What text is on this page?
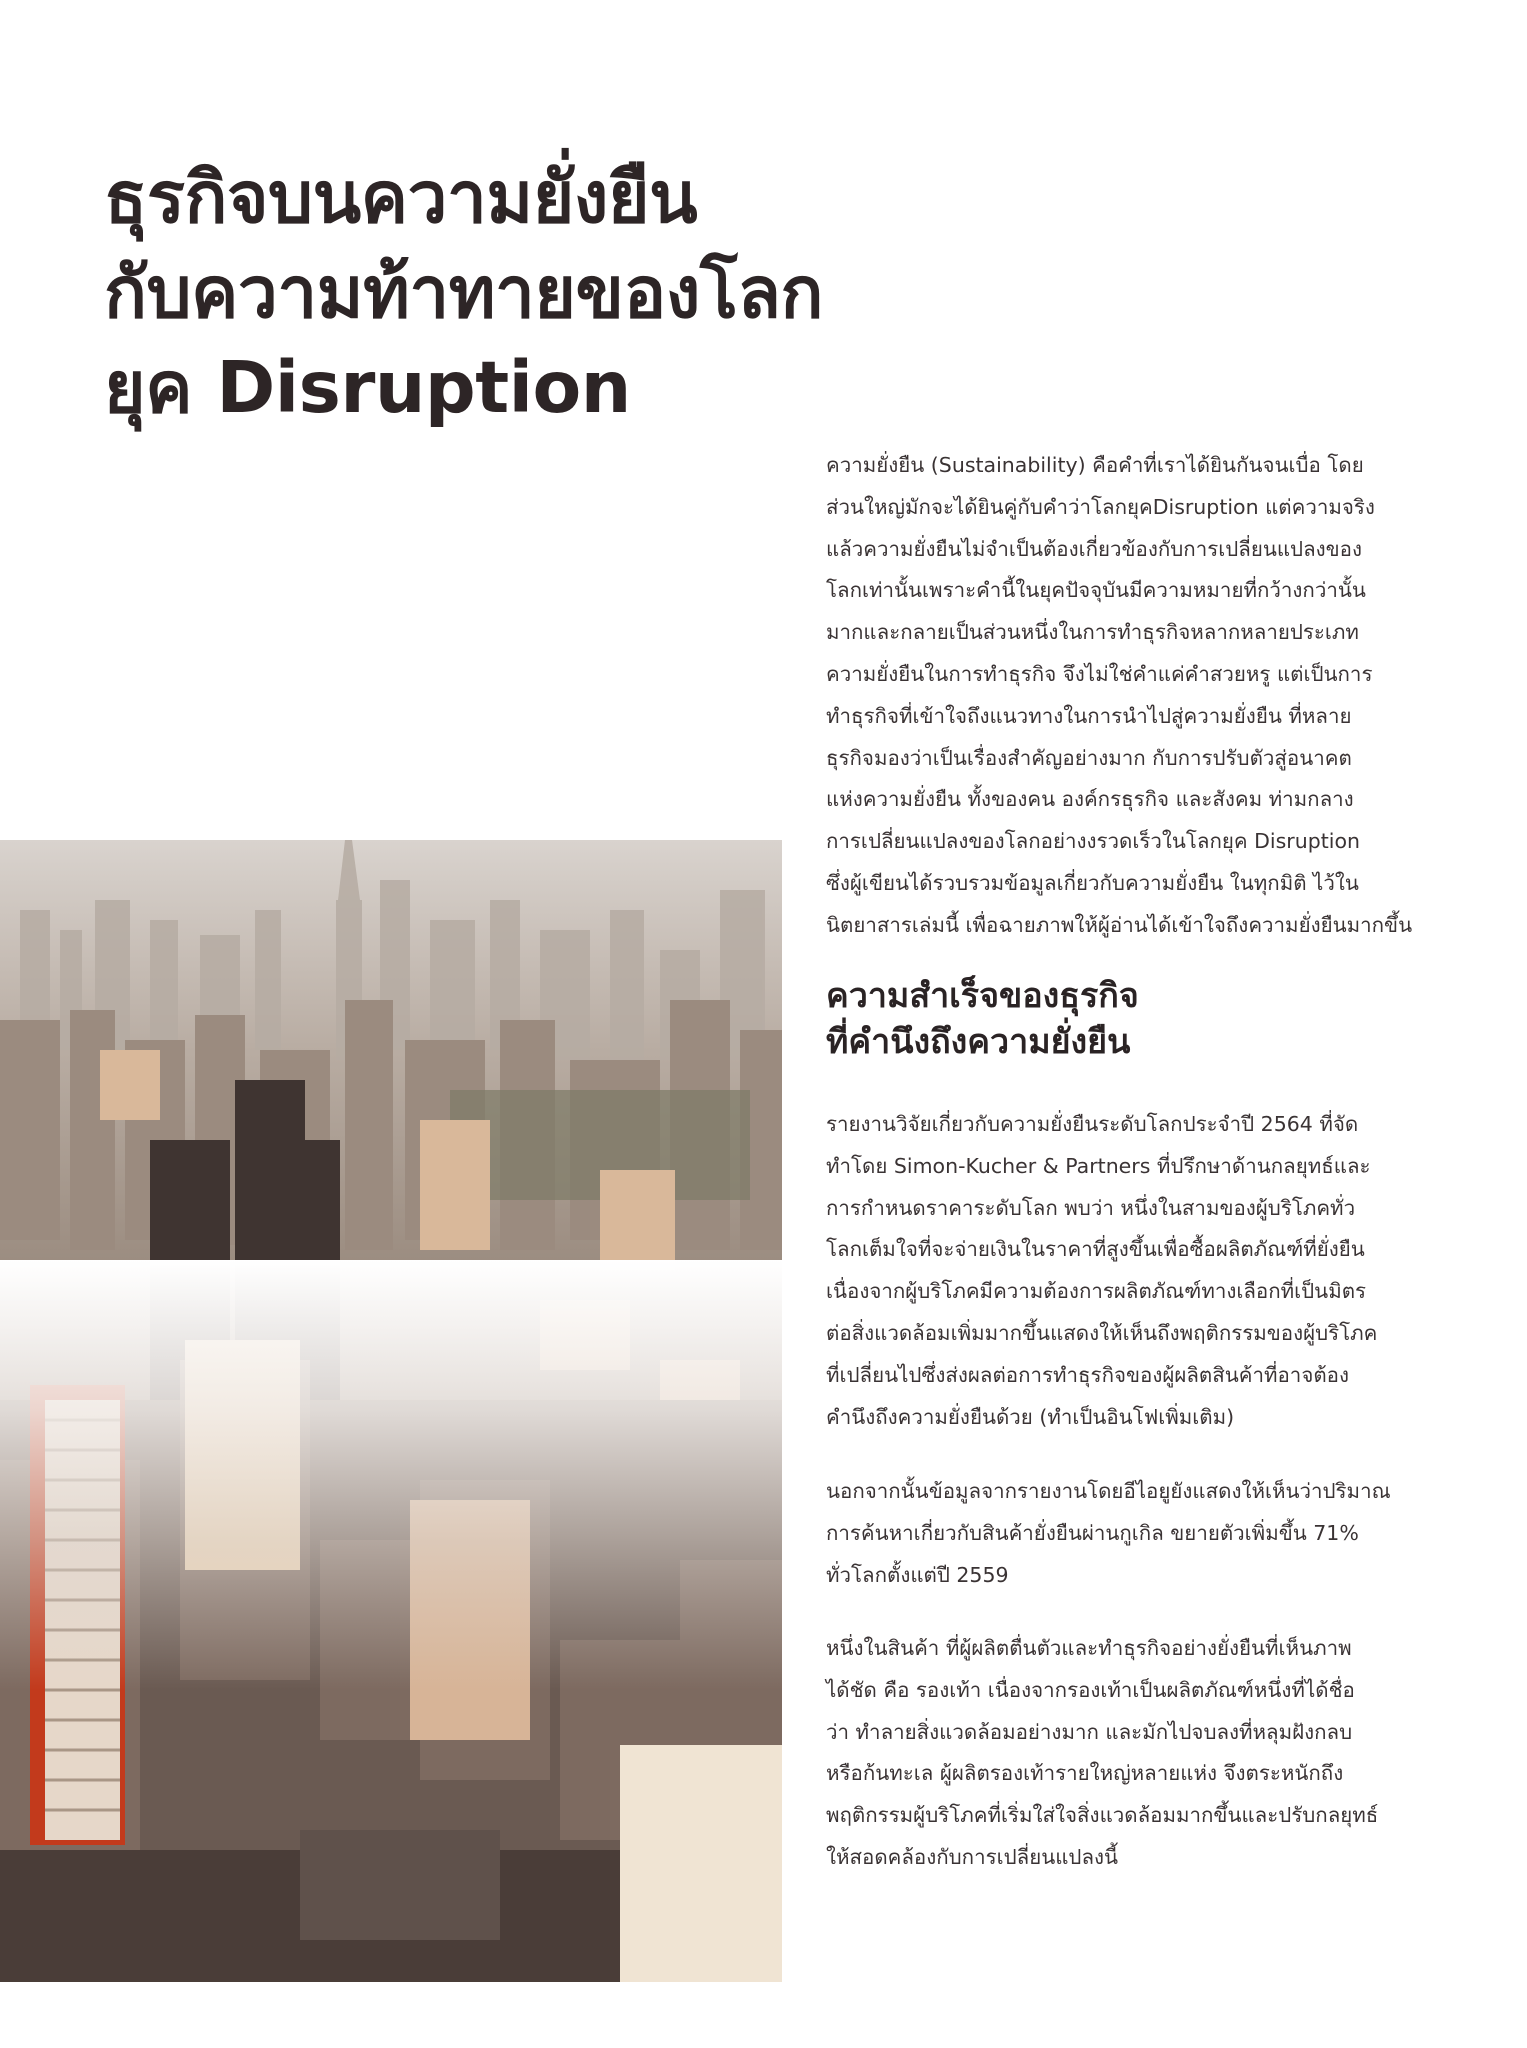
ธุรกิจบนความยั่งยืน
กับความท้าทายของโลก
ยุค Disruption

ความยั่งยืน (Sustainability) คือคำที่เราได้ยินกันจนเบื่อ โดย
ส่วนใหญ่มักจะได้ยินคู่กับคำว่าโลกยุคDisruption แต่ความจริง
แล้วความยั่งยืนไม่จำเป็นต้องเกี่ยวข้องกับการเปลี่ยนแปลงของ
โลกเท่านั้นเพราะคำนี้ในยุคปัจจุบันมีความหมายที่กว้างกว่านั้น
มากและกลายเป็นส่วนหนึ่งในการทำธุรกิจหลากหลายประเภท
ความยั่งยืนในการทำธุรกิจ จึงไม่ใช่คำแค่คำสวยหรู แต่เป็นการ
ทำธุรกิจที่เข้าใจถึงแนวทางในการนำไปสู่ความยั่งยืน ที่หลาย
ธุรกิจมองว่าเป็นเรื่องสำคัญอย่างมาก กับการปรับตัวสู่อนาคต
แห่งความยั่งยืน ทั้งของคน องค์กรธุรกิจ และสังคม ท่ามกลาง
การเปลี่ยนแปลงของโลกอย่างงรวดเร็วในโลกยุค Disruption
ซึ่งผู้เขียนได้รวบรวมข้อมูลเกี่ยวกับความยั่งยืน ในทุกมิติ ไว้ใน
นิตยาสารเล่มนี้ เพื่อฉายภาพให้ผู้อ่านได้เข้าใจถึงความยั่งยืนมากขึ้น

ความสำเร็จของธุรกิจ
ที่คำนึงถึงความยั่งยืน

รายงานวิจัยเกี่ยวกับความยั่งยืนระดับโลกประจำปี 2564 ที่จัด
ทำโดย Simon-Kucher & Partners ที่ปรึกษาด้านกลยุทธ์และ
การกำหนดราคาระดับโลก พบว่า หนึ่งในสามของผู้บริโภคทั่ว
โลกเต็มใจที่จะจ่ายเงินในราคาที่สูงขึ้นเพื่อซื้อผลิตภัณฑ์ที่ยั่งยืน
เนื่องจากผู้บริโภคมีความต้องการผลิตภัณฑ์ทางเลือกที่เป็นมิตร
ต่อสิ่งแวดล้อมเพิ่มมากขึ้นแสดงให้เห็นถึงพฤติกรรมของผู้บริโภค
ที่เปลี่ยนไปซึ่งส่งผลต่อการทำธุรกิจของผู้ผลิตสินค้าที่อาจต้อง
คำนึงถึงความยั่งยืนด้วย (ทำเป็นอินโฟเพิ่มเติม)

นอกจากนั้นข้อมูลจากรายงานโดยอีไอยูยังแสดงให้เห็นว่าปริมาณ
การค้นหาเกี่ยวกับสินค้ายั่งยืนผ่านกูเกิล ขยายตัวเพิ่มขึ้น 71%
ทั่วโลกตั้งแต่ปี 2559

หนึ่งในสินค้า ที่ผู้ผลิตตื่นตัวและทำธุรกิจอย่างยั่งยืนที่เห็นภาพ
ได้ชัด คือ รองเท้า เนื่องจากรองเท้าเป็นผลิตภัณฑ์หนึ่งที่ได้ชื่อ
ว่า ทำลายสิ่งแวดล้อมอย่างมาก และมักไปจบลงที่หลุมฝังกลบ
หรือก้นทะเล ผู้ผลิตรองเท้ารายใหญ่หลายแห่ง จึงตระหนักถึง
พฤติกรรมผู้บริโภคที่เริ่มใส่ใจสิ่งแวดล้อมมากขึ้นและปรับกลยุทธ์
ให้สอดคล้องกับการเปลี่ยนแปลงนี้
